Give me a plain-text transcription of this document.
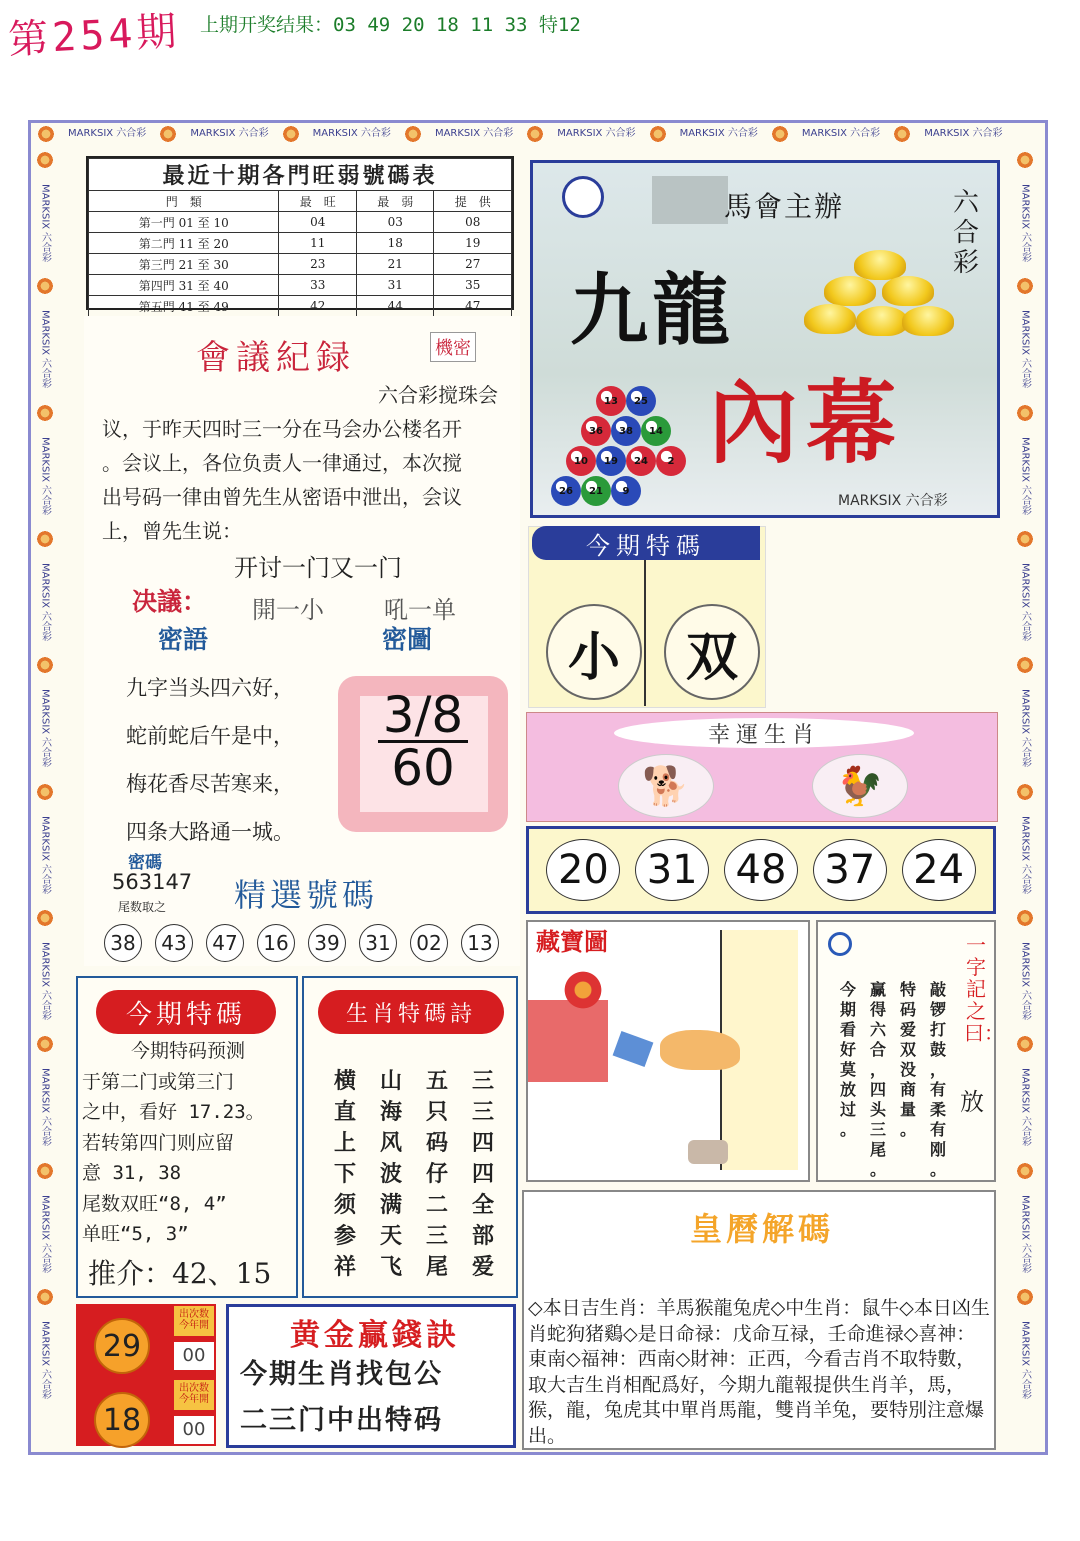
第254期 上期开奖结果：03 49 20 18 11 33 特12
MARKSIX 六合彩	MARKSIX 六合彩	MARKSIX 六合彩	MARKSIX 六合彩	MARKSIX 六合彩	MARKSIX 六合彩	MARKSIX 六合彩	MARKSIX 六合彩
MARKSIX 六合彩
MARKSIX 六合彩
MARKSIX 六合彩
MARKSIX 六合彩
MARKSIX 六合彩
MARKSIX 六合彩
MARKSIX 六合彩
MARKSIX 六合彩
MARKSIX 六合彩
MARKSIX 六合彩
MARKSIX 六合彩
MARKSIX 六合彩
MARKSIX 六合彩
MARKSIX 六合彩
MARKSIX 六合彩
MARKSIX 六合彩
MARKSIX 六合彩
MARKSIX 六合彩
MARKSIX 六合彩
MARKSIX 六合彩
最近十期各門旺弱號碼表			
門　類	最　旺	最　弱	提　供
第一門 01 至 10	04	03	08
第二門 11 至 20	11	18	19
第三門 21 至 30	23	21	27
第四門 31 至 40	33	31	35
第五門 41 至 49	42	44	47
馬會主辦	六合彩
九龍
內幕
13	25
36	38	14
10	19	24	2
26	21	9
MARKSIX 六合彩
會議紀録	機密

六合彩搅珠会

议，于昨天四时三一分在马会办公楼名开

。会议上，各位负责人一律通过，本次搅

出号码一律由曾先生从密语中泄出，会议

上，曾先生说：

开讨一门又一门
决議： 開一小	吼一单
密語	密圖
九字当头四六好，
蛇前蛇后午是中，
梅花香尽苦寒来，
四条大路通一城。
3/8
60
密碼
563147
尾数取之 精選號碼
38	43	47	16	39	31	02	13
今期特碼
今期特码预测
于第二门或第三门
之中，看好 17.23。
若转第四门则应留
意 31, 38
尾数双旺“8, 4”
单旺“5, 3”
推介：42、15
生肖特碼詩
横	山	五	三
直	海	只	三
上	风	码	四
下	波	仔	四
须	满	二	全
参	天	三	部
祥	飞	尾	爱
29
18
出次数 今年開
00
出次数 今年開
00
黄金赢錢訣
今期生肖找包公
二三门中出特码
今期特碼
小	双
幸運生肖
🐕	🐓
20 31 48 37 24
藏寶圖	一字記之曰：
放
敲
锣
打
鼓
，
有
柔
有
刚
。
特
码
爱
双
没
商
量
。
赢
得
六
合
，
四
头
三
尾
。
今
期
看
好
莫
放
过
。
皇曆解碼
◇本日吉生肖：羊馬猴龍兔虎◇中生肖：鼠牛◇本日凶生肖蛇狗猪鷄◇是日命禄：戊命互禄，壬命進禄◇喜神：東南◇福神：西南◇財神：正西，今看吉肖不取特數，取大吉生肖相配爲好，今期九龍報提供生肖羊，馬，猴，龍，兔虎其中單肖馬龍，雙肖羊兔，要特別注意爆出。
